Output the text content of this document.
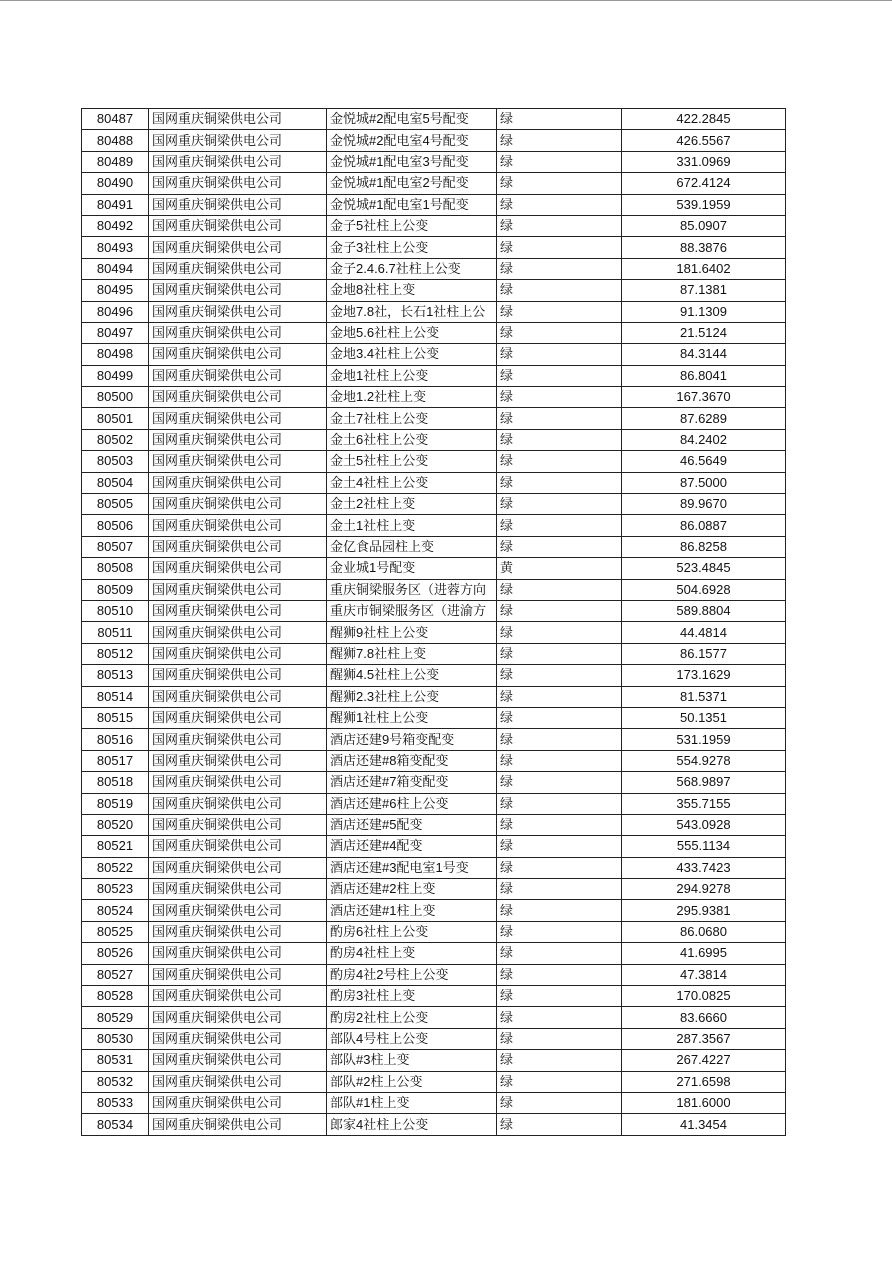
80487	国网重庆铜梁供电公司	金悦城#2配电室5号配变	绿	422.2845
80488	国网重庆铜梁供电公司	金悦城#2配电室4号配变	绿	426.5567
80489	国网重庆铜梁供电公司	金悦城#1配电室3号配变	绿	331.0969
80490	国网重庆铜梁供电公司	金悦城#1配电室2号配变	绿	672.4124
80491	国网重庆铜梁供电公司	金悦城#1配电室1号配变	绿	539.1959
80492	国网重庆铜梁供电公司	金子5社柱上公变	绿	85.0907
80493	国网重庆铜梁供电公司	金子3社柱上公变	绿	88.3876
80494	国网重庆铜梁供电公司	金子2.4.6.7社柱上公变	绿	181.6402
80495	国网重庆铜梁供电公司	金地8社柱上变	绿	87.1381
80496	国网重庆铜梁供电公司	金地7.8社，长石1社柱上公	绿	91.1309
80497	国网重庆铜梁供电公司	金地5.6社柱上公变	绿	21.5124
80498	国网重庆铜梁供电公司	金地3.4社柱上公变	绿	84.3144
80499	国网重庆铜梁供电公司	金地1社柱上公变	绿	86.8041
80500	国网重庆铜梁供电公司	金地1.2社柱上变	绿	167.3670
80501	国网重庆铜梁供电公司	金土7社柱上公变	绿	87.6289
80502	国网重庆铜梁供电公司	金土6社柱上公变	绿	84.2402
80503	国网重庆铜梁供电公司	金土5社柱上公变	绿	46.5649
80504	国网重庆铜梁供电公司	金土4社柱上公变	绿	87.5000
80505	国网重庆铜梁供电公司	金土2社柱上变	绿	89.9670
80506	国网重庆铜梁供电公司	金土1社柱上变	绿	86.0887
80507	国网重庆铜梁供电公司	金亿食品园柱上变	绿	86.8258
80508	国网重庆铜梁供电公司	金业城1号配变	黄	523.4845
80509	国网重庆铜梁供电公司	重庆铜梁服务区（进蓉方向	绿	504.6928
80510	国网重庆铜梁供电公司	重庆市铜梁服务区（进渝方	绿	589.8804
80511	国网重庆铜梁供电公司	醒狮9社柱上公变	绿	44.4814
80512	国网重庆铜梁供电公司	醒狮7.8社柱上变	绿	86.1577
80513	国网重庆铜梁供电公司	醒狮4.5社柱上公变	绿	173.1629
80514	国网重庆铜梁供电公司	醒狮2.3社柱上公变	绿	81.5371
80515	国网重庆铜梁供电公司	醒狮1社柱上公变	绿	50.1351
80516	国网重庆铜梁供电公司	酒店还建9号箱变配变	绿	531.1959
80517	国网重庆铜梁供电公司	酒店还建#8箱变配变	绿	554.9278
80518	国网重庆铜梁供电公司	酒店还建#7箱变配变	绿	568.9897
80519	国网重庆铜梁供电公司	酒店还建#6柱上公变	绿	355.7155
80520	国网重庆铜梁供电公司	酒店还建#5配变	绿	543.0928
80521	国网重庆铜梁供电公司	酒店还建#4配变	绿	555.1134
80522	国网重庆铜梁供电公司	酒店还建#3配电室1号变	绿	433.7423
80523	国网重庆铜梁供电公司	酒店还建#2柱上变	绿	294.9278
80524	国网重庆铜梁供电公司	酒店还建#1柱上变	绿	295.9381
80525	国网重庆铜梁供电公司	酌房6社柱上公变	绿	86.0680
80526	国网重庆铜梁供电公司	酌房4社柱上变	绿	41.6995
80527	国网重庆铜梁供电公司	酌房4社2号柱上公变	绿	47.3814
80528	国网重庆铜梁供电公司	酌房3社柱上变	绿	170.0825
80529	国网重庆铜梁供电公司	酌房2社柱上公变	绿	83.6660
80530	国网重庆铜梁供电公司	部队4号柱上公变	绿	287.3567
80531	国网重庆铜梁供电公司	部队#3柱上变	绿	267.4227
80532	国网重庆铜梁供电公司	部队#2柱上公变	绿	271.6598
80533	国网重庆铜梁供电公司	部队#1柱上变	绿	181.6000
80534	国网重庆铜梁供电公司	郎家4社柱上公变	绿	41.3454
